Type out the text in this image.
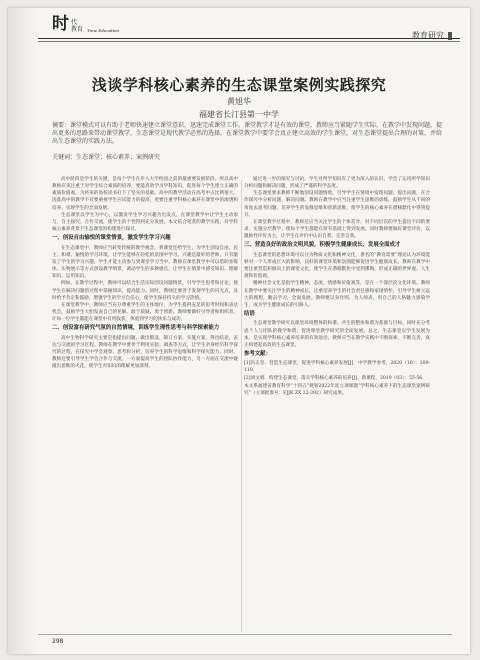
时 代
教育 Time Education
教育研究
浅谈学科核心素养的生态课堂案例实践探究
黄旭华
福建省长汀县第一中学
摘要：课堂模式可以有助于老师快速建立课堂意识，迅速完成课堂工作。课堂教学才是有效的课堂，教师应当紧随学生实际，在教学中发现问题，提出更多的思路来带动课堂教学，生态课堂是现代教学必然的选择，在课堂教学中要学会真正建立高效的学生课堂，对生态课堂提出合理的对策，并给出生态课堂的实践方法。
关键词：生态课堂；核心素养；案例研究

高中阶段是学生的关键，是每个学生在步入大学校园之前的最重要发展阶段。所以高中教师应该注重于对学生综合素质的培养，要能高效学习学科知识，促进每个学生建立正确的素质价值观。为将来的高校读书打下了坚实的基础。高中的教学活动在高考中占比例很大，因此高中的教学不仅要重视学生应试能力的提高，更要注重学科核心素养在课堂中的渗透和培养，实现学生的全面发展。

生态课堂以学生为中心，以激发学生学习兴趣为出发点，在课堂教学中让学生主动参与、自主探究、合作交流，使学生的个性得到充分发展。本文结合笔者的教学实践，对学科核心素养背景下生态课堂的构建进行探讨。

一、创设自由愉悦的课堂情景，激发学生学习兴趣

在生态课堂中，教师应当转变传统的教学观念，将课堂还给学生，为学生创设自由、民主、和谐、愉悦的学习环境，让学生能够在轻松的氛围中学习。兴趣是最好的老师，只有激发了学生的学习兴趣，学生才能主动参与到课堂学习当中。教师在课堂教学中可以借助多媒体、实物展示等方式创设教学情景，调动学生的多种感官，让学生在情景中感受知识、理解知识、运用知识。

例如，在教学过程中，教师可以结合生活实际创设问题情景，引导学生思考和讨论，使学生在解决问题的过程中掌握知识，提高能力。同时，教师还要善于发现学生的闪光点，及时给予肯定和鼓励，增强学生的学习自信心，使学生保持持久的学习热情。

在课堂教学中，教师应当充分尊重学生的主体地位，为学生提供充足的思考时间和表达机会，鼓励学生大胆发表自己的见解，敢于质疑、勇于创新。教师要做好引导者和组织者，让每一位学生都能在课堂中有所收获，体验到学习的快乐与成功。

二、创设富有研究气氛的自然情境，训练学生理性思考与科学探索能力

高中生物科学研究主要是指提出问题、做出假设、制订方案、实施方案、得出结论、表达与交流的学习过程。教师在教学中要善于利用实验、调查等方式，让学生亲身经历科学探究的过程，在探究中学会观察、思考和分析，培养学生的科学思维和科学探究能力。同时，教师还要引导学生学会合作与交流，一方面提高学生的团队协作能力，另一方面在交流中碰撞出思维的火花，使学生对知识的理解更加深刻。

通过进一步的探究与讨论，学生对所学知识有了更为深入的认识，学会了运用所学知识分析问题和解决问题，形成了严谨的科学态度。

生态课堂要求教师不断地创设问题情境，引导学生在情境中发现问题、提出问题，在合作探究中分析问题、解决问题。教师在教学中应当注重学生思维的训练，鼓励学生从不同的角度去思考问题，培养学生的发散思维和创新思维，使学生的核心素养在潜移默化中得到提升。

在课堂教学过程中，教师还应当关注学生的个体差异，对不同层次的学生提出不同的要求，实施分层教学，使每个学生都能在原有基础上得到发展。同时教师要做好课堂评价，以激励性评价为主，让学生在评价中认识自我、完善自我。

三、营造良好的政治文明风貌，积极学生健康成长、发展全面成才

生态课堂的思想环境可以分为物质文化和精神文化，著名的“教育需要”理论认为环境能够对一个人形成巨大的影响，良好的课堂环境和氛围能够促进学生健康成长。教师在教学中要注重营造积极向上的课堂文化，使学生在潜移默化中受到熏陶，形成正确的世界观、人生观和价值观。

精神社会文化是指学生精神、态度、情感和价值观等，是在一个深层次文化环境。教师在教学中要关注学生的精神成长，注重培养学生的社会责任感和家国情怀，引导学生树立远大的理想，勤奋学习，全面发展。教师要以身作则，为人师表，用自己的人格魅力感染学生，成为学生健康成长的引路人。

结语

生态课堂教学研究以课堂环境整体的和谐、共生的整体和谐为基础与目标，同时充分考虑个人与团队的教学和谐，促进课堂教学研究的全面发展。总之，生态课堂以学生发展为本，是实现学科核心素养培养的有效途径，教师应当在教学实践中不断探索，不断完善，真正构建起高效的生态课堂。

参考文献：

[1]冯志坚．营造生态课堂，促进学科核心素养发展[J]．中学教学参考，2020（16）：109-110．

[2]刘文娟．构建生态课堂，落实学科核心素养的培养[J]．新课程，2019（03）：55-56．

本文系福建省教育科学“十四五”规划2022年度立项课题“学科核心素养下的生态课堂案例研究”（立项批准号：FJJK ZX 22-392）研究成果。

298
